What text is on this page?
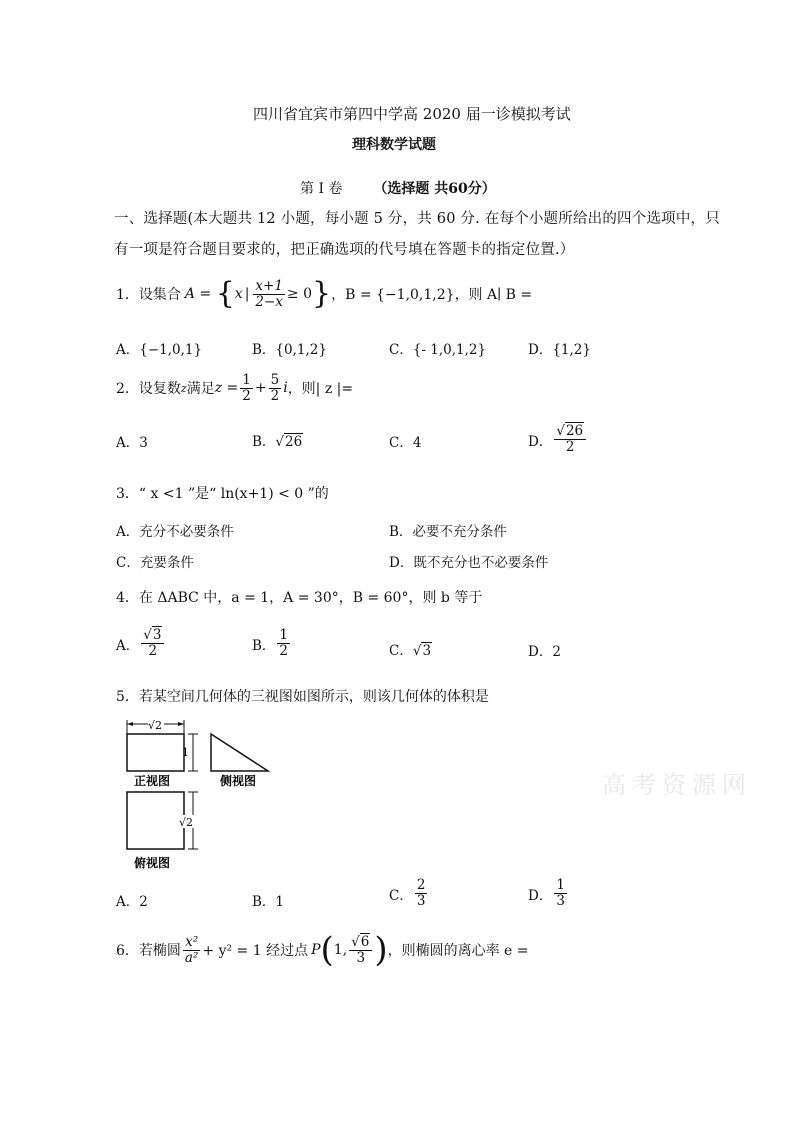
四川省宜宾市第四中学高 2020 届一诊模拟考试
理科数学试题
第 I 卷 （选择题 共60分）
一、选择题(本大题共 12 小题，每小题 5 分，共 60 分. 在每个小题所给出的四个选项中，只
有一项是符合题目要求的，把正确选项的代号填在答题卡的指定位置.）
1．设集合 A = { x | $\frac{x+1}{2-x} \ge 0$ } ，B = {−1,0,1,2} ，则 A∣ B =
A．{−1,0,1}	B．{0,1,2}	C．{- 1,0,1,2}	D．{1,2}
2．设复数 z 满足 $z = \frac{1}{2} + \frac{5}{2}$ i ，则| z |=
A．3	B．√26	C．4	D． $\frac{√26}{2}$
3．“ x <1 ”是“ ln(x+1) < 0 ”的
A．充分不必要条件	B．必要不充分条件
C．充要条件	D．既不充分也不必要条件
4．在 ΔABC 中，a = 1，A = 30°，B = 60°，则 b 等于
A． $\frac{√3}{2}$	B． $\frac{1}{2}$	C．√3	D．2
5．若某空间几何体的三视图如图所示，则该几何体的体积是
√2
1
正视图	侧视图
√2
俯视图
高考资源网
A．2	B．1	C． $\frac{2}{3}$	D． $\frac{1}{3}$
6．若椭圆 $\frac{\text{x²}}{\text{a²}} + y^2 = 1$ 经过点 P ( 1, $\frac{√6}{3}$ ) ，则椭圆的离心率 e =
